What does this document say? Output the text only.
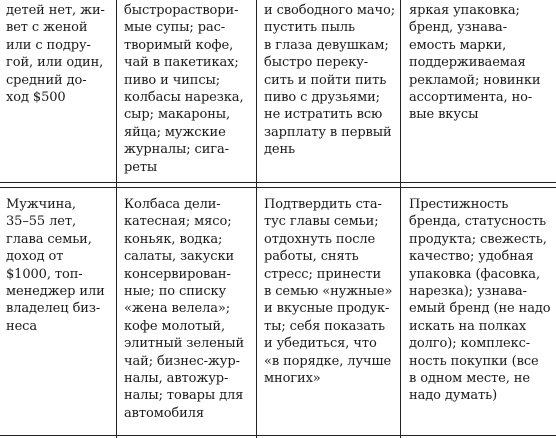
детей нет, жи-
вет с женой
или с подру-
гой, или один,
средний до-
ход $500
быстрораствори-
мые супы; рас-
творимый кофе,
чай в пакетиках;
пиво и чипсы;
колбасы нарезка,
сыр; макароны,
яйца; мужские
журналы; сига-
реты
и свободного мачо;
пустить пыль
в глаза девушкам;
быстро переку-
сить и пойти пить
пиво с друзьями;
не истратить всю
зарплату в первый
день
яркая упаковка;
бренд, узнава-
емость марки,
поддерживаемая
рекламой; новинки
ассортимента, но-
вые вкусы
Мужчина,
35–55 лет,
глава семьи,
доход от
$1000, топ-
менеджер или
владелец биз-
неса
Колбаса дели-
катесная; мясо;
коньяк, водка;
салаты, закуски
консервирован-
ные; по списку
«жена велела»;
кофе молотый,
элитный зеленый
чай; бизнес-жур-
налы, автожур-
налы; товары для
автомобиля
Подтвердить ста-
тус главы семьи;
отдохнуть после
работы, снять
стресс; принести
в семью «нужные»
и вкусные продук-
ты; себя показать
и убедиться, что
«в порядке, лучше
многих»
Престижность
бренда, статусность
продукта; свежесть,
качество; удобная
упаковка (фасовка,
нарезка); узнава-
емый бренд (не надо
искать на полках
долго); комплекс-
ность покупки (все
в одном месте, не
надо думать)
